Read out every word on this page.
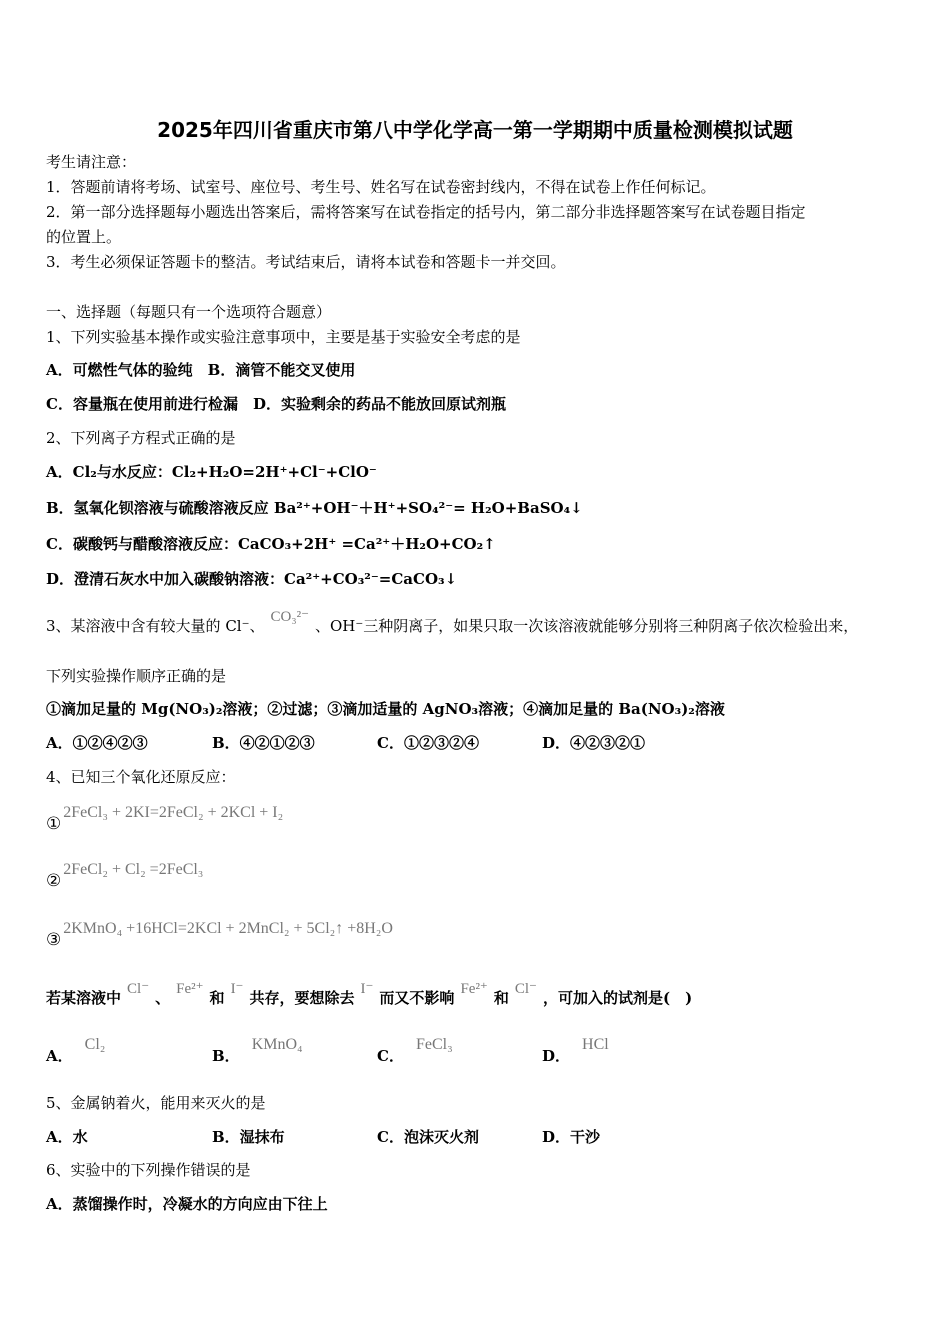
2025年四川省重庆市第八中学化学高一第一学期期中质量检测模拟试题
考生请注意：
1．答题前请将考场、试室号、座位号、考生号、姓名写在试卷密封线内，不得在试卷上作任何标记。
2．第一部分选择题每小题选出答案后，需将答案写在试卷指定的括号内，第二部分非选择题答案写在试卷题目指定
的位置上。
3．考生必须保证答题卡的整洁。考试结束后，请将本试卷和答题卡一并交回。
一、选择题（每题只有一个选项符合题意）
1、下列实验基本操作或实验注意事项中，主要是基于实验安全考虑的是
A．可燃性气体的验纯　B．滴管不能交叉使用
C．容量瓶在使用前进行检漏　D．实验剩余的药品不能放回原试剂瓶
2、下列离子方程式正确的是
A．Cl₂与水反应：Cl₂+H₂O=2H⁺+Cl⁻+ClO⁻
B．氢氧化钡溶液与硫酸溶液反应 Ba²⁺+OH⁻＋H⁺+SO₄²⁻= H₂O+BaSO₄↓
C．碳酸钙与醋酸溶液反应：CaCO₃+2H⁺ =Ca²⁺＋H₂O+CO₂↑
D．澄清石灰水中加入碳酸钠溶液：Ca²⁺+CO₃²⁻=CaCO₃↓
3、某溶液中含有较大量的 Cl⁻、 CO₃²⁻ 、OH⁻三种阴离子，如果只取一次该溶液就能够分别将三种阴离子依次检验出来，
下列实验操作顺序正确的是
①滴加足量的 Mg(NO₃)₂溶液；②过滤；③滴加适量的 AgNO₃溶液；④滴加足量的 Ba(NO₃)₂溶液
A．①②④②③	B．④②①②③	C．①②③②④	D．④②③②①
4、已知三个氧化还原反应：
①2FeCl₃ + 2KI=2FeCl₂ + 2KCl + I₂
②2FeCl₂ + Cl₂ =2FeCl₃
③2KMnO₄ +16HCl=2KCl + 2MnCl₂ + 5Cl₂↑ +8H₂O
若某溶液中 Cl⁻ 、 Fe²⁺ 和 I⁻ 共存，要想除去 I⁻ 而又不影响 Fe²⁺ 和 Cl⁻ ，可加入的试剂是(　)
A．Cl₂
B．KMnO₄
C．FeCl₃
D．HCl
5、金属钠着火，能用来灭火的是
A．水	B．湿抹布	C．泡沫灭火剂	D．干沙
6、实验中的下列操作错误的是
A．蒸馏操作时，冷凝水的方向应由下往上
